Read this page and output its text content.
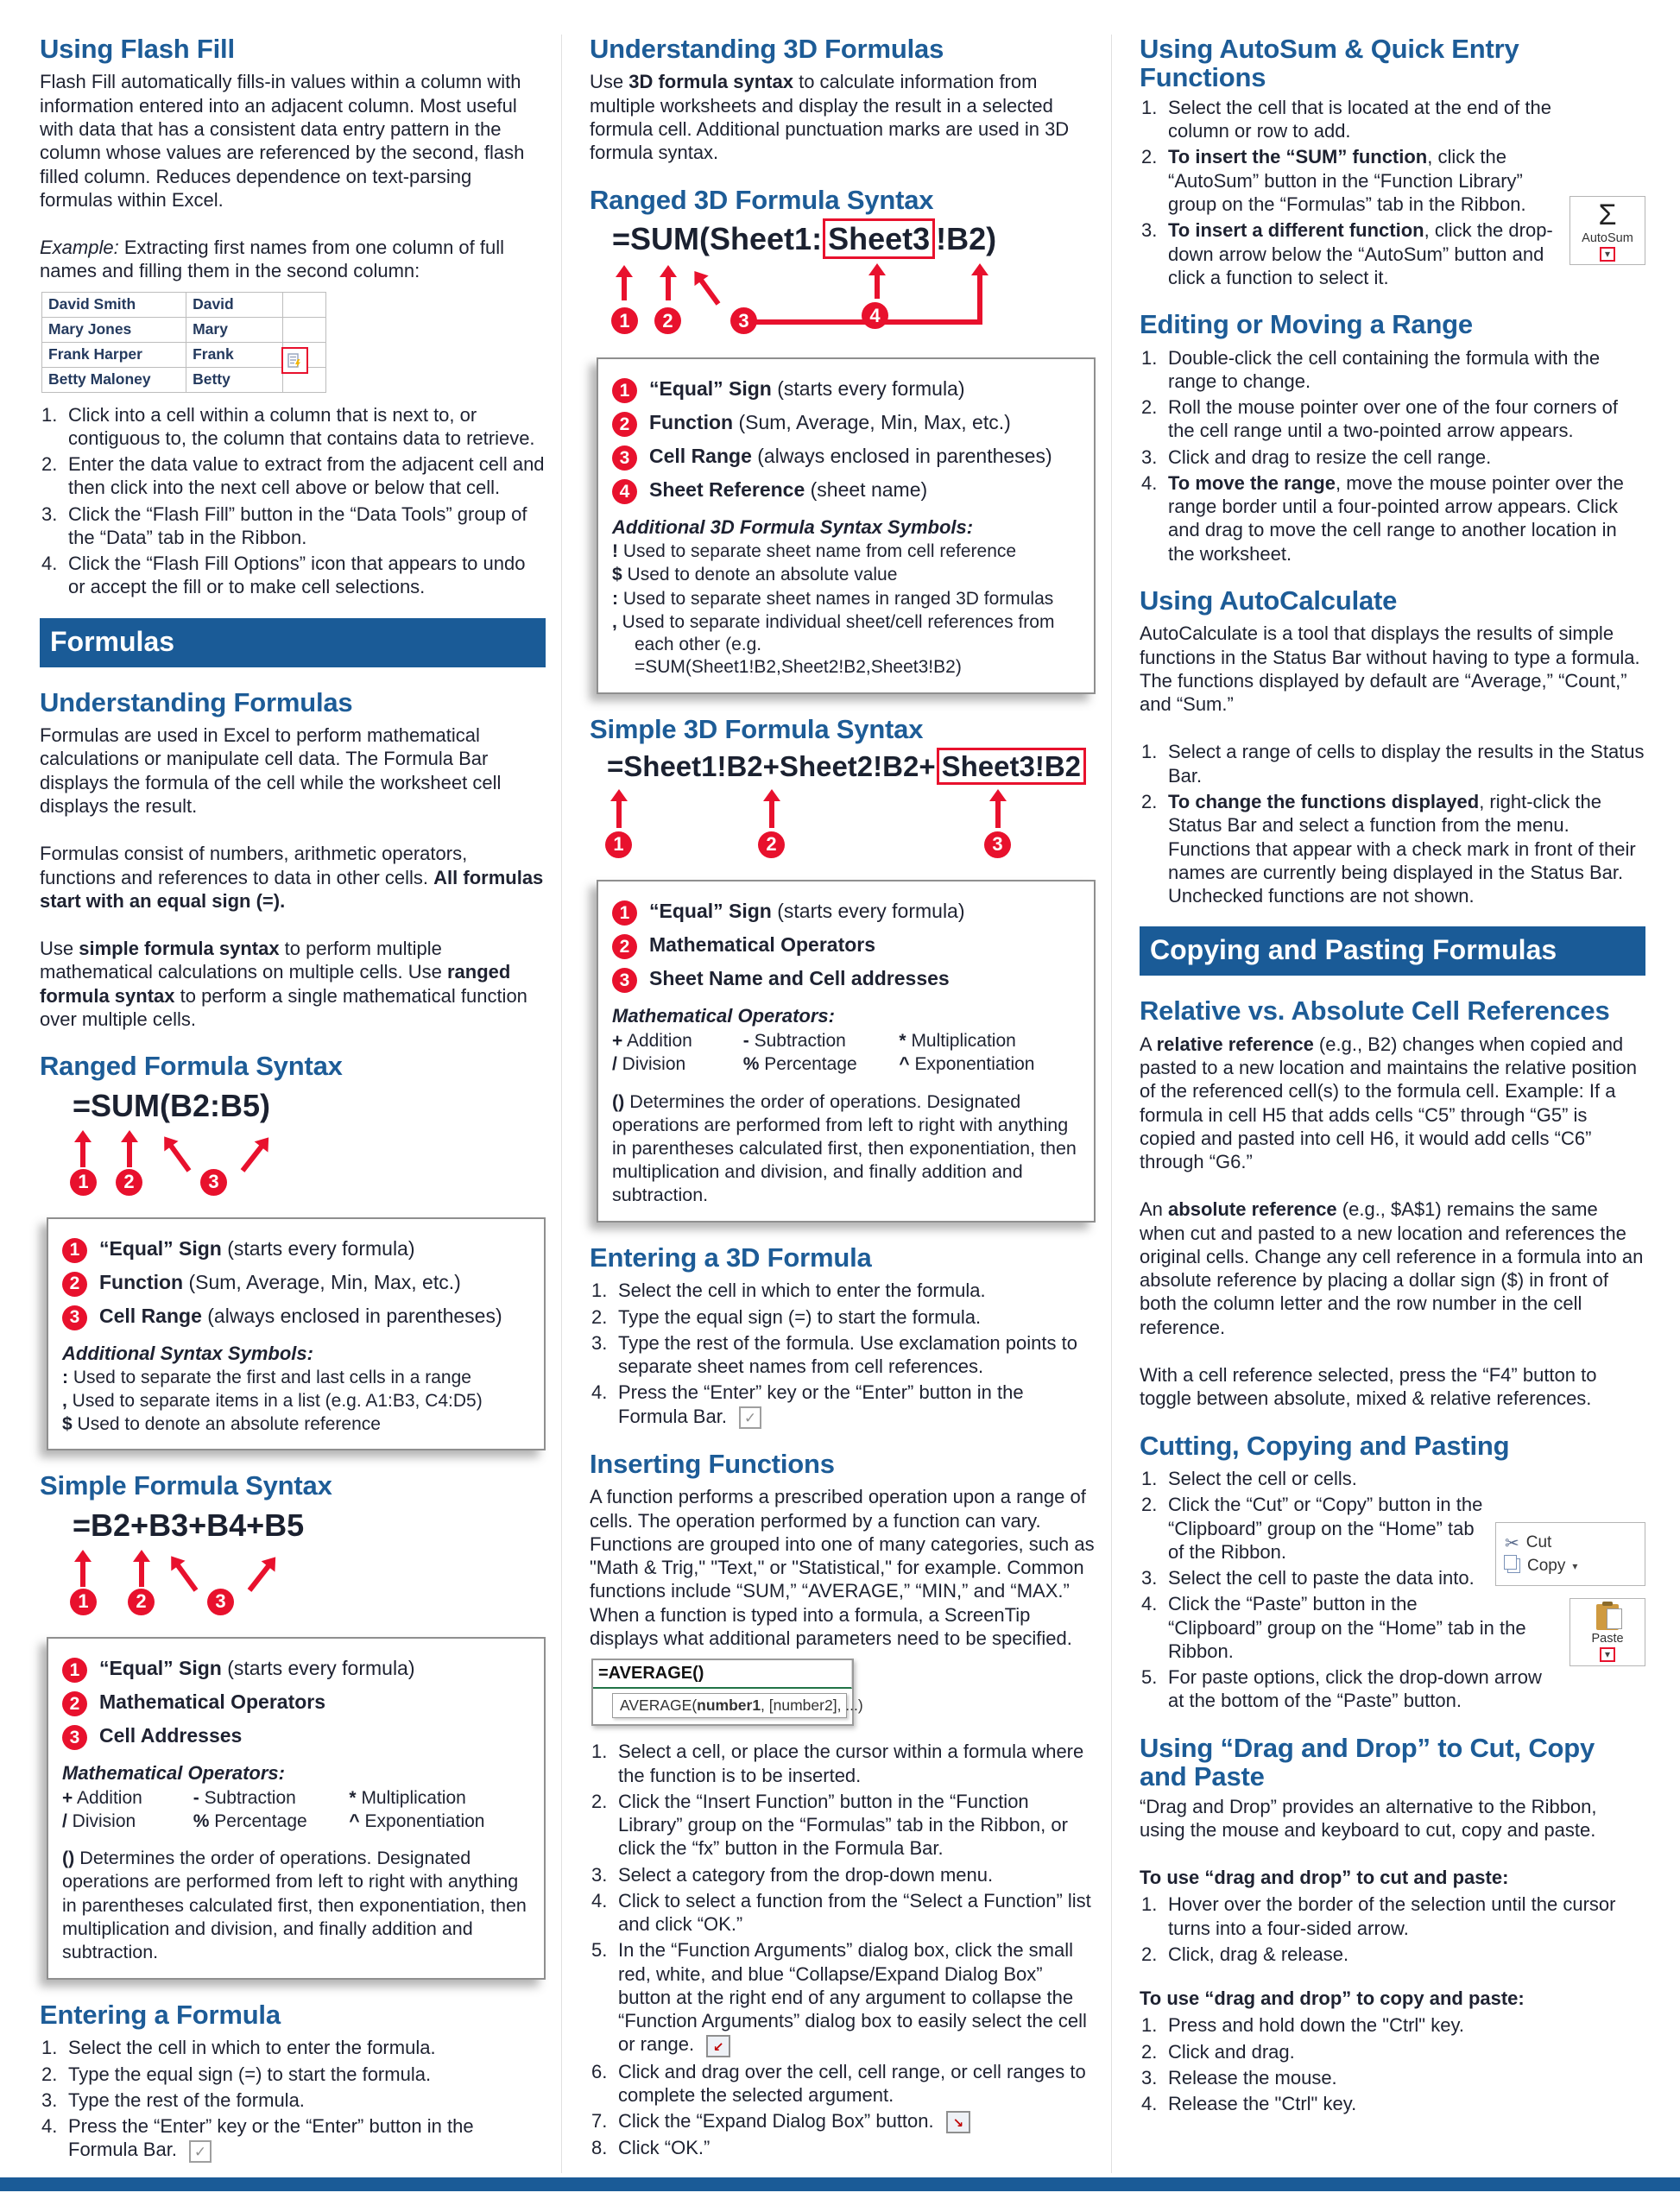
Using Flash Fill

Flash Fill automatically fills-in values within a column with information entered into an adjacent column. Most useful with data that has a consistent data entry pattern in the column whose values are referenced by the second, flash filled column. Reduces dependence on text-parsing formulas within Excel.

Example: Extracting first names from one column of full names and filling them in the second column:

David Smith	David	
Mary Jones	Mary	
Frank Harper	Frank	
Betty Maloney	Betty	
Click into a cell within a column that is next to, or contiguous to, the column that contains data to retrieve.
Enter the data value to extract from the adjacent cell and then click into the next cell above or below that cell.
Click the “Flash Fill” button in the “Data Tools” group of the “Data” tab in the Ribbon.
Click the “Flash Fill Options” icon that appears to undo or accept the fill or to make cell selections.
Formulas
Understanding Formulas

Formulas are used in Excel to perform mathematical calculations or manipulate cell data. The Formula Bar displays the formula of the cell while the worksheet cell displays the result.

Formulas consist of numbers, arithmetic operators, functions and references to data in other cells. All formulas start with an equal sign (=).

Use simple formula syntax to perform multiple mathematical calculations on multiple cells. Use ranged formula syntax to perform a single mathematical function over multiple cells.

Ranged Formula Syntax
=SUM(B2:B5)
1	2	3
1 “Equal” Sign (starts every formula)
2 Function (Sum, Average, Min, Max, etc.)
3 Cell Range (always enclosed in parentheses)
Additional Syntax Symbols:
: Used to separate the first and last cells in a range
, Used to separate items in a list (e.g. A1:B3, C4:D5)
$ Used to denote an absolute reference
Simple Formula Syntax
=B2+B3+B4+B5
1	2	3
1 “Equal” Sign (starts every formula)
2 Mathematical Operators
3 Cell Addresses
Mathematical Operators:
+ Addition	- Subtraction	* Multiplication
/ Division	% Percentage	^ Exponentiation

() Determines the order of operations. Designated operations are performed from left to right with anything in parentheses calculated first, then exponentiation, then multiplication and division, and finally addition and subtraction.

Entering a Formula
Select the cell in which to enter the formula.
Type the equal sign (=) to start the formula.
Type the rest of the formula.
Press the “Enter” key or the “Enter” button in the Formula Bar. ✓
Understanding 3D Formulas

Use 3D formula syntax to calculate information from multiple worksheets and display the result in a selected formula cell. Additional punctuation marks are used in 3D formula syntax.

Ranged 3D Formula Syntax
=SUM(Sheet1: Sheet3 !B2)
1	2	3	4
1 “Equal” Sign (starts every formula)
2 Function (Sum, Average, Min, Max, etc.)
3 Cell Range (always enclosed in parentheses)
4 Sheet Reference (sheet name)
Additional 3D Formula Syntax Symbols:
! Used to separate sheet name from cell reference
$ Used to denote an absolute value
: Used to separate sheet names in ranged 3D formulas
, Used to separate individual sheet/cell references from each other (e.g. =SUM(Sheet1!B2,Sheet2!B2,Sheet3!B2)
Simple 3D Formula Syntax
=Sheet1!B2+Sheet2!B2+ Sheet3!B2
1	2	3
1 “Equal” Sign (starts every formula)
2 Mathematical Operators
3 Sheet Name and Cell addresses
Mathematical Operators:
+ Addition	- Subtraction	* Multiplication
/ Division	% Percentage	^ Exponentiation

() Determines the order of operations. Designated operations are performed from left to right with anything in parentheses calculated first, then exponentiation, then multiplication and division, and finally addition and subtraction.

Entering a 3D Formula
Select the cell in which to enter the formula.
Type the equal sign (=) to start the formula.
Type the rest of the formula. Use exclamation points to separate sheet names from cell references.
Press the “Enter” key or the “Enter” button in the Formula Bar. ✓
Inserting Functions

A function performs a prescribed operation upon a range of cells. The operation performed by a function can vary. Functions are grouped into one of many categories, such as "Math & Trig," "Text," or "Statistical," for example. Common functions include “SUM,” “AVERAGE,” “MIN,” and “MAX.” When a function is typed into a formula, a ScreenTip displays what additional parameters need to be specified.

=AVERAGE()
AVERAGE(number1, [number2], ...)
Select a cell, or place the cursor within a formula where the function is to be inserted.
Click the “Insert Function” button in the “Function Library” group on the “Formulas” tab in the Ribbon, or click the “fx” button in the Formula Bar.
Select a category from the drop-down menu.
Click to select a function from the “Select a Function” list and click “OK.”
In the “Function Arguments” dialog box, click the small red, white, and blue “Collapse/Expand Dialog Box” button at the right end of any argument to collapse the “Function Arguments” dialog box to easily select the cell or range. ↙
Click and drag over the cell, cell range, or cell ranges to complete the selected argument.
Click the “Expand Dialog Box” button. ↘
Click “OK.”
Using AutoSum & Quick Entry Functions
Σ
AutoSum
▾
Select the cell that is located at the end of the column or row to add.
To insert the “SUM” function, click the “AutoSum” button in the “Function Library” group on the “Formulas” tab in the Ribbon.
To insert a different function, click the drop-down arrow below the “AutoSum” button and click a function to select it.
Editing or Moving a Range
Double-click the cell containing the formula with the range to change.
Roll the mouse pointer over one of the four corners of the cell range until a two-pointed arrow appears.
Click and drag to resize the cell range.
To move the range, move the mouse pointer over the range border until a four-pointed arrow appears. Click and drag to move the cell range to another location in the worksheet.
Using AutoCalculate

AutoCalculate is a tool that displays the results of simple functions in the Status Bar without having to type a formula. The functions displayed by default are “Average,” “Count,” and “Sum.”

Select a range of cells to display the results in the Status Bar.
To change the functions displayed, right-click the Status Bar and select a function from the menu. Functions that appear with a check mark in front of their names are currently being displayed in the Status Bar. Unchecked functions are not shown.
Copying and Pasting Formulas
Relative vs. Absolute Cell References

A relative reference (e.g., B2) changes when copied and pasted to a new location and maintains the relative position of the referenced cell(s) to the formula cell. Example: If a formula in cell H5 that adds cells “C5” through “G5” is copied and pasted into cell H6, it would add cells “C6” through “G6.”

An absolute reference (e.g., $A$1) remains the same when cut and pasted to a new location and references the original cells. Change any cell reference in a formula into an absolute reference by placing a dollar sign ($) in front of both the column letter and the row number in the cell reference.

With a cell reference selected, press the “F4” button to toggle between absolute, mixed & relative references.

Cutting, Copying and Pasting
✂ Cut
Copy ▾
Paste
▾
Select the cell or cells.
Click the “Cut” or “Copy” button in the “Clipboard” group on the “Home” tab of the Ribbon.
Select the cell to paste the data into.
Click the “Paste” button in the “Clipboard” group on the “Home” tab in the Ribbon.
For paste options, click the drop-down arrow at the bottom of the “Paste” button.
Using “Drag and Drop” to Cut, Copy and Paste

“Drag and Drop” provides an alternative to the Ribbon, using the mouse and keyboard to cut, copy and paste.

To use “drag and drop” to cut and paste:

Hover over the border of the selection until the cursor turns into a four-sided arrow.
Click, drag & release.

To use “drag and drop” to copy and paste:

Press and hold down the "Ctrl" key.
Click and drag.
Release the mouse.
Release the "Ctrl" key.
